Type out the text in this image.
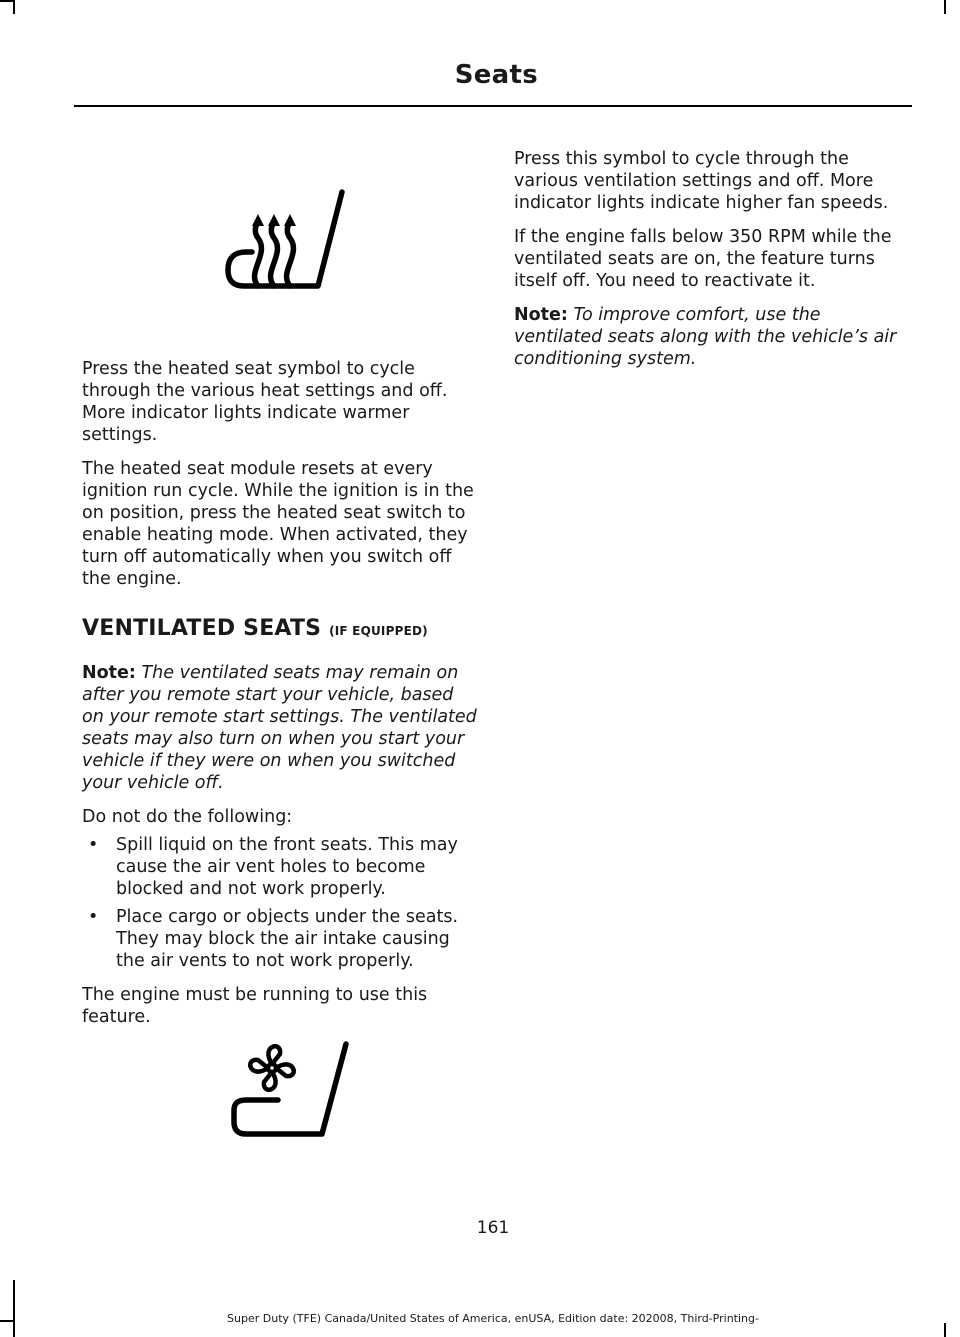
Seats

Press the heated seat symbol to cycle through the various heat settings and off. More indicator lights indicate warmer settings.

The heated seat module resets at every ignition run cycle. While the ignition is in the on position, press the heated seat switch to enable heating mode. When activated, they turn off automatically when you switch off the engine.

VENTILATED SEATS (IF EQUIPPED)

Note: The ventilated seats may remain on after you remote start your vehicle, based on your remote start settings. The ventilated seats may also turn on when you start your vehicle if they were on when you switched your vehicle off.

Do not do the following:

• Spill liquid on the front seats. This may cause the air vent holes to become blocked and not work properly.
• Place cargo or objects under the seats. They may block the air intake causing the air vents to not work properly.

The engine must be running to use this feature.

Press this symbol to cycle through the various ventilation settings and off. More indicator lights indicate higher fan speeds.

If the engine falls below 350 RPM while the ventilated seats are on, the feature turns itself off. You need to reactivate it.

Note: To improve comfort, use the ventilated seats along with the vehicle’s air conditioning system.

161
Super Duty (TFE) Canada/United States of America, enUSA, Edition date: 202008, Third-Printing-
